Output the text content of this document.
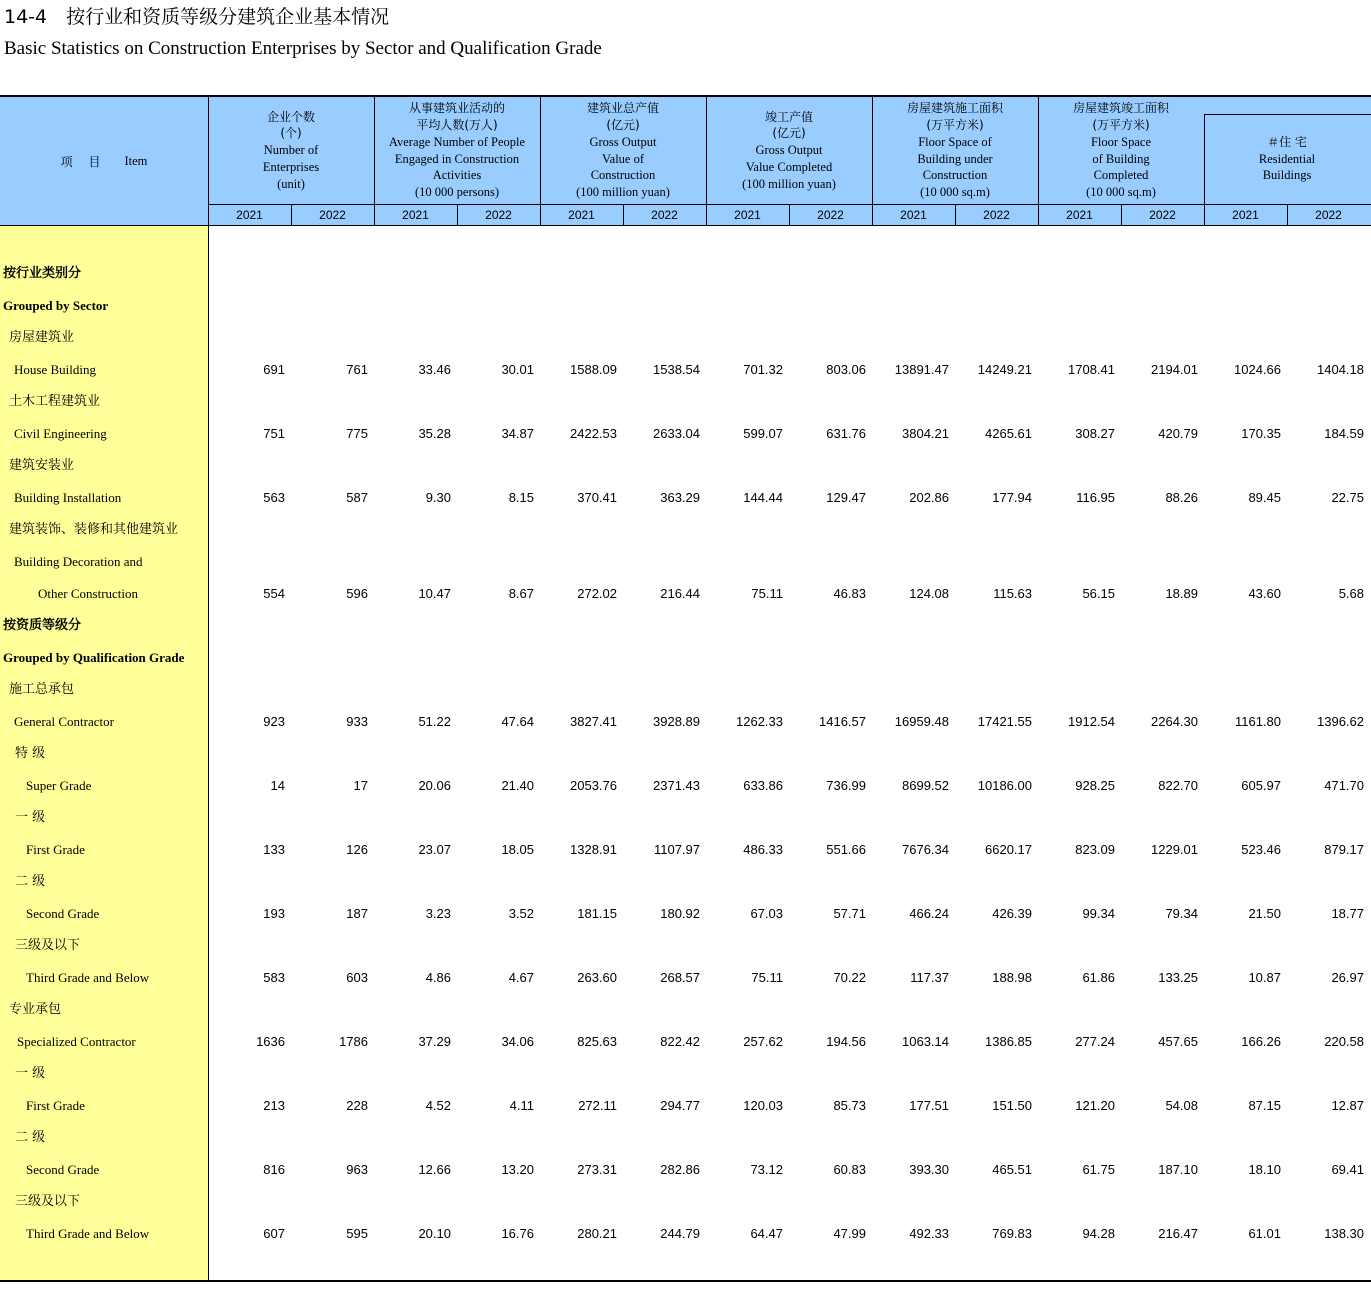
14-4　按行业和资质等级分建筑企业基本情况
Basic Statistics on Construction Enterprises by Sector and Qualification Grade
项 目 Item
企业个数
(个)
Number of
Enterprises
(unit)
从事建筑业活动的
平均人数(万人)
Average Number of People
Engaged in Construction
Activities
(10 000 persons)
建筑业总产值
(亿元)
Gross Output
Value of
Construction
(100 million yuan)
竣工产值
(亿元)
Gross Output
Value Completed
(100 million yuan)
房屋建筑施工面积
(万平方米)
Floor Space of
Building under
Construction
(10 000 sq.m)
房屋建筑竣工面积
(万平方米)
Floor Space
of Building
Completed
(10 000 sq.m)
＃住 宅
Residential
Buildings
2021	2022	2021	2022	2021	2022	2021	2022	2021	2022	2021	2022	2021	2022
按行业类别分
Grouped by Sector
房屋建筑业
House Building	691	761	33.46	30.01	1588.09	1538.54	701.32	803.06	13891.47	14249.21	1708.41	2194.01	1024.66	1404.18
土木工程建筑业
Civil Engineering	751	775	35.28	34.87	2422.53	2633.04	599.07	631.76	3804.21	4265.61	308.27	420.79	170.35	184.59
建筑安装业
Building Installation	563	587	9.30	8.15	370.41	363.29	144.44	129.47	202.86	177.94	116.95	88.26	89.45	22.75
建筑装饰、装修和其他建筑业
Building Decoration and
Other Construction	554	596	10.47	8.67	272.02	216.44	75.11	46.83	124.08	115.63	56.15	18.89	43.60	5.68
按资质等级分
Grouped by Qualification Grade
施工总承包
General Contractor	923	933	51.22	47.64	3827.41	3928.89	1262.33	1416.57	16959.48	17421.55	1912.54	2264.30	1161.80	1396.62
特 级
Super Grade	14	17	20.06	21.40	2053.76	2371.43	633.86	736.99	8699.52	10186.00	928.25	822.70	605.97	471.70
一 级
First Grade	133	126	23.07	18.05	1328.91	1107.97	486.33	551.66	7676.34	6620.17	823.09	1229.01	523.46	879.17
二 级
Second Grade	193	187	3.23	3.52	181.15	180.92	67.03	57.71	466.24	426.39	99.34	79.34	21.50	18.77
三级及以下
Third Grade and Below	583	603	4.86	4.67	263.60	268.57	75.11	70.22	117.37	188.98	61.86	133.25	10.87	26.97
专业承包
Specialized Contractor	1636	1786	37.29	34.06	825.63	822.42	257.62	194.56	1063.14	1386.85	277.24	457.65	166.26	220.58
一 级
First Grade	213	228	4.52	4.11	272.11	294.77	120.03	85.73	177.51	151.50	121.20	54.08	87.15	12.87
二 级
Second Grade	816	963	12.66	13.20	273.31	282.86	73.12	60.83	393.30	465.51	61.75	187.10	18.10	69.41
三级及以下
Third Grade and Below	607	595	20.10	16.76	280.21	244.79	64.47	47.99	492.33	769.83	94.28	216.47	61.01	138.30
